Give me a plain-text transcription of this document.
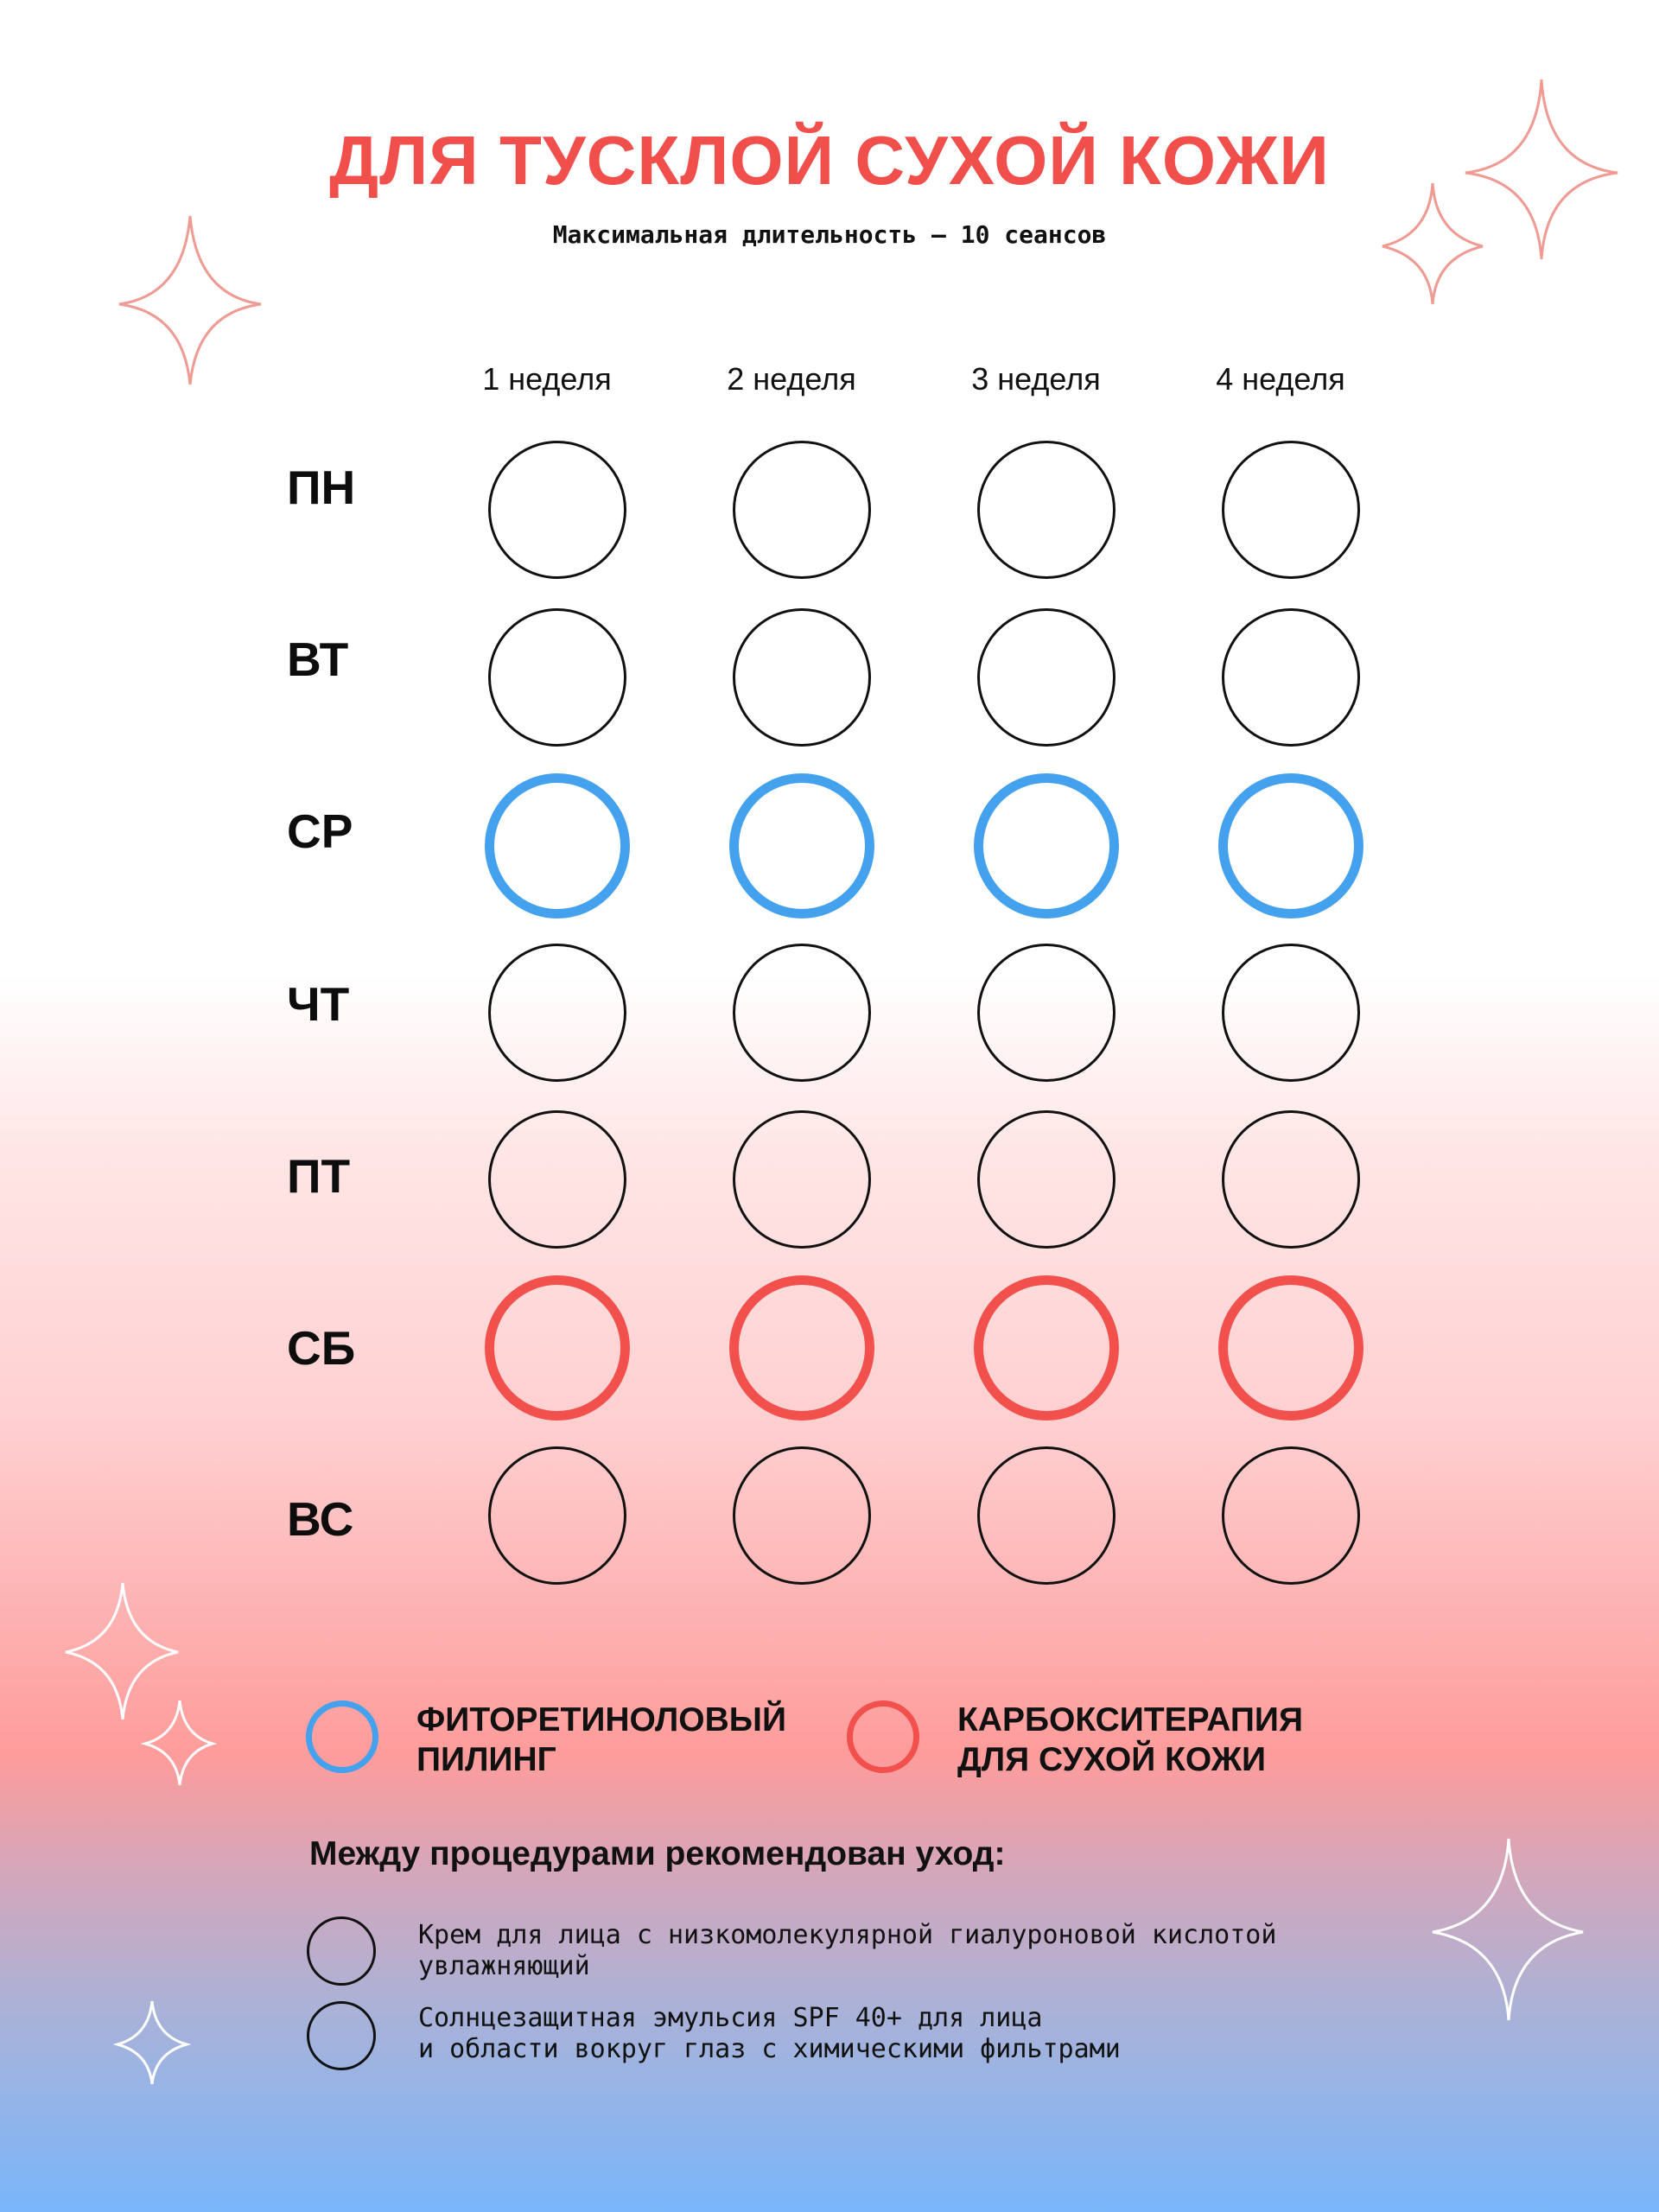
ДЛЯ ТУСКЛОЙ СУХОЙ КОЖИ
Максимальная длительность – 10 сеансов
1 неделя	2 неделя	3 неделя	4 неделя
ПН
ВТ
СР
ЧТ
ПТ
СБ
ВС
ФИТОРЕТИНОЛОВЫЙ ПИЛИНГ
КАРБОКСИТЕРАПИЯ ДЛЯ СУХОЙ КОЖИ
Между процедурами рекомендован уход:
Крем для лица с низкомолекулярной гиалуроновой кислотой
увлажняющий
Солнцезащитная эмульсия SPF 40+ для лица
и области вокруг глаз с химическими фильтрами
